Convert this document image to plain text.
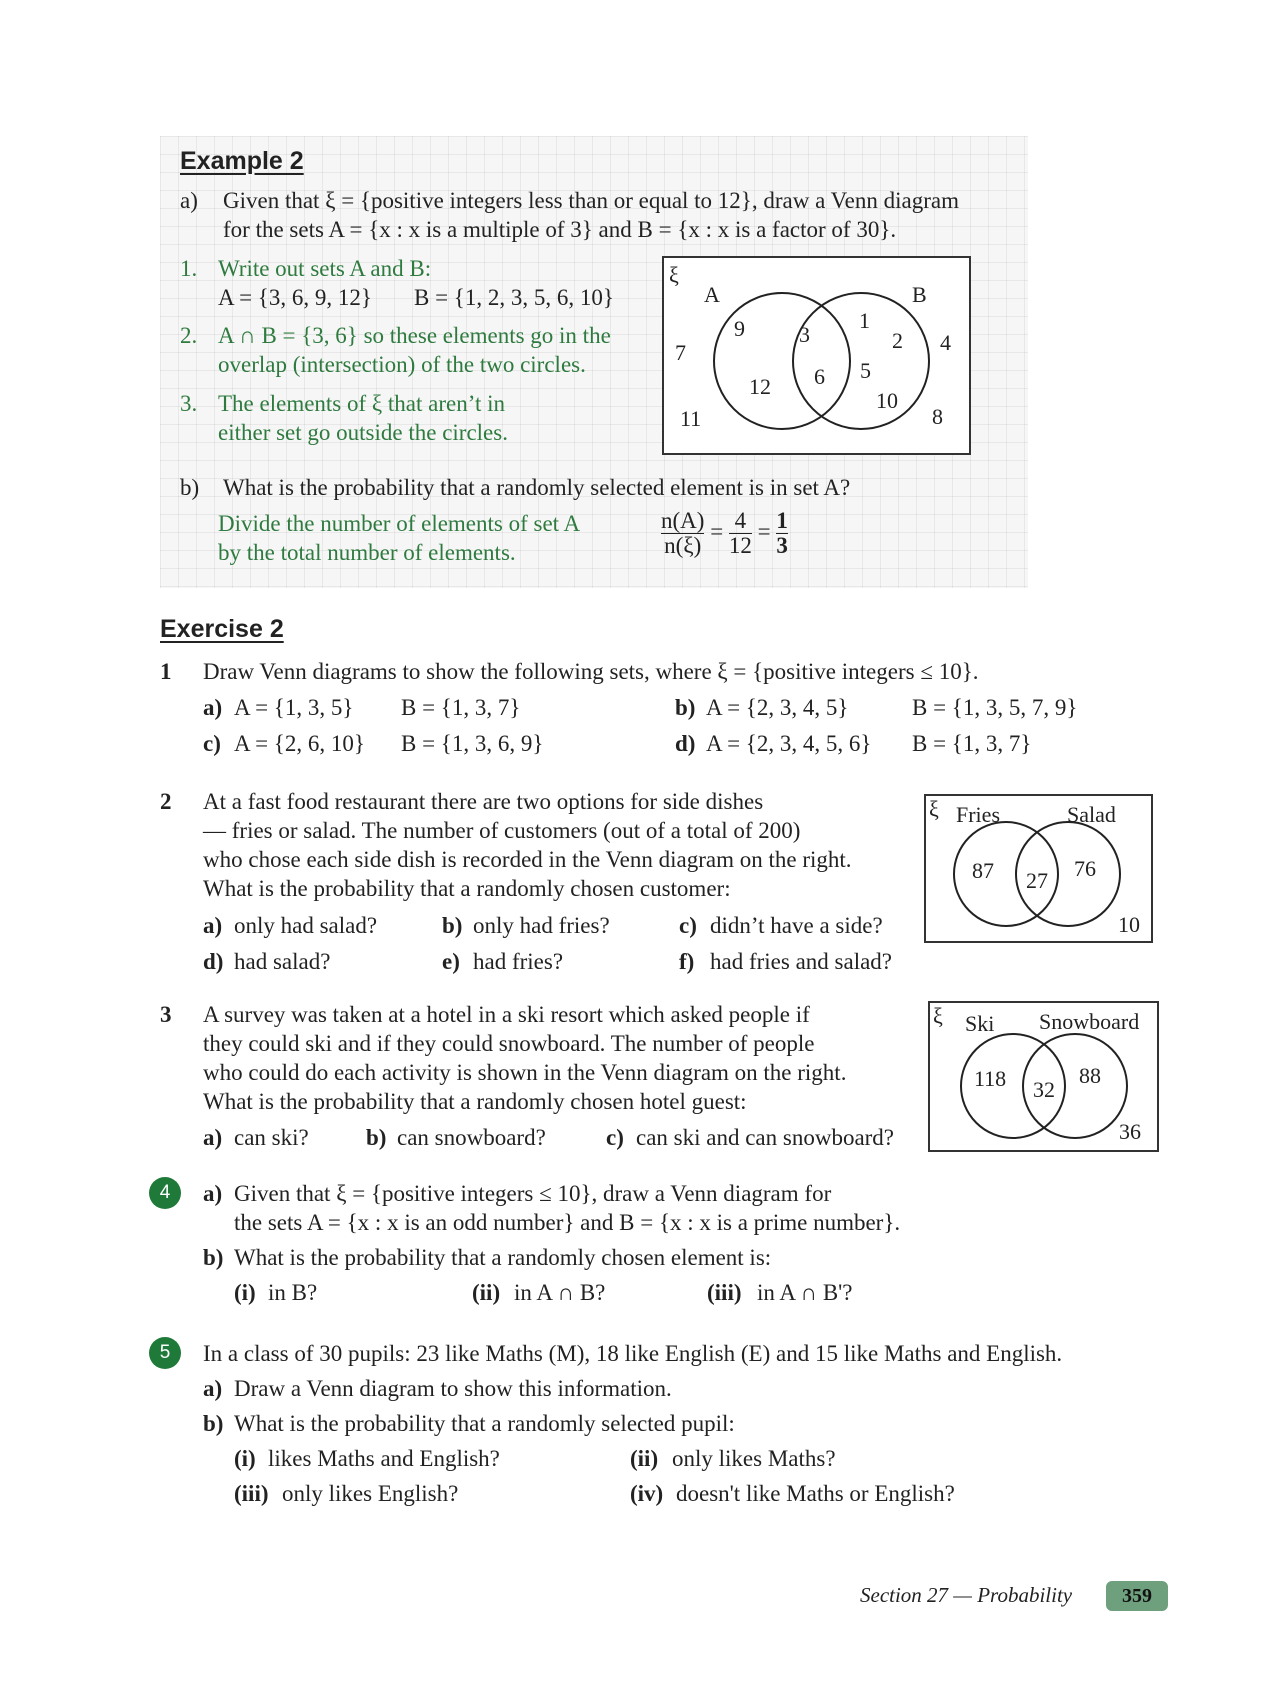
Example 2
a) Given that ξ = {positive integers less than or equal to 12}, draw a Venn diagram
for the sets A = {x : x is a multiple of 3} and B = {x : x is a factor of 30}.
1. Write out sets A and B:
A = {3, 6, 9, 12} B = {1, 2, 3, 5, 6, 10}
2. A ∩ B = {3, 6} so these elements go in the
overlap (intersection) of the two circles.
3. The elements of ξ that aren’t in
either set go outside the circles.
ξ
A	B
9
12
3
6
1
2
5
10
7
11
4
8
b) What is the probability that a randomly selected element is in set A?
Divide the number of elements of set A
by the total number of elements.	$\frac{n(A)}{n(\xi)} = \frac{4}{12} = \frac{1}{3}$
Exercise 2
1 Draw Venn diagrams to show the following sets, where ξ = {positive integers ≤ 10}.
a) A = {1, 3, 5} B = {1, 3, 7}	b) A = {2, 3, 4, 5}	B = {1, 3, 5, 7, 9}
c) A = {2, 6, 10} B = {1, 3, 6, 9}	d) A = {2, 3, 4, 5, 6} B = {1, 3, 7}
2 At a fast food restaurant there are two options for side dishes
— fries or salad. The number of customers (out of a total of 200)
who chose each side dish is recorded in the Venn diagram on the right.
What is the probability that a randomly chosen customer:
a) only had salad?	b) only had fries?	c) didn’t have a side?
d) had salad?	e) had fries?	f) had fries and salad?
ξ Fries	Salad
87 27 76
10
3 A survey was taken at a hotel in a ski resort which asked people if
they could ski and if they could snowboard. The number of people
who could do each activity is shown in the Venn diagram on the right.
What is the probability that a randomly chosen hotel guest:
a) can ski? b) can snowboard?	c) can ski and can snowboard?
ξ Ski Snowboard
118 32
88
36
4	a) Given that ξ = {positive integers ≤ 10}, draw a Venn diagram for
the sets A = {x : x is an odd number} and B = {x : x is a prime number}.
b) What is the probability that a randomly chosen element is:
(i) in B?	(ii) in A ∩ B?	(iii) in A ∩ B'?
5	In a class of 30 pupils: 23 like Maths (M), 18 like English (E) and 15 like Maths and English.
a) Draw a Venn diagram to show this information.
b) What is the probability that a randomly selected pupil:
(i) likes Maths and English?	(ii) only likes Maths?
(iii) only likes English?	(iv) doesn't like Maths or English?
Section 27 — Probability	359
